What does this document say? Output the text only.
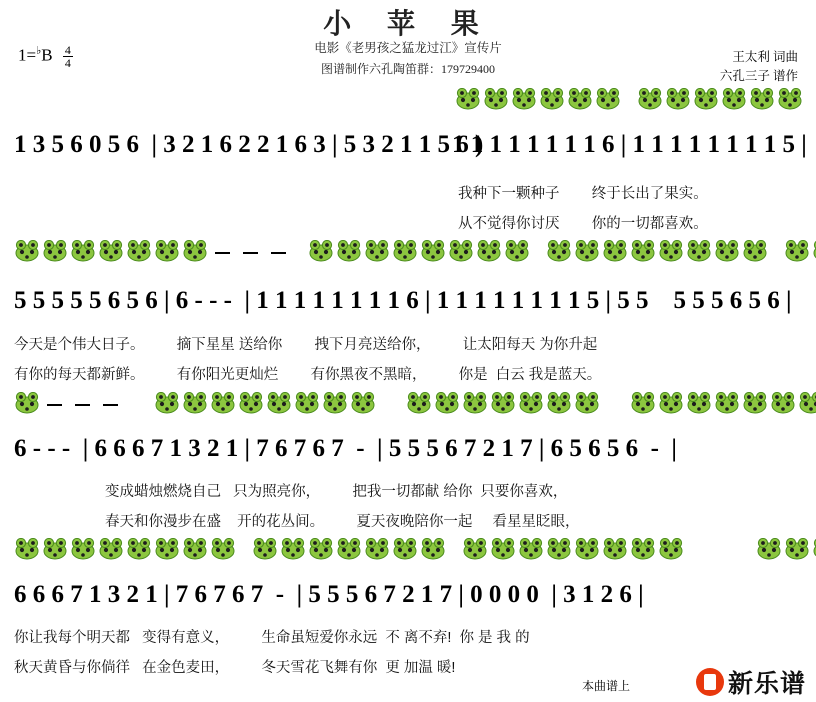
小 苹 果
电影《老男孩之猛龙过江》宣传片
图谱制作六孔陶笛群：179729400
$1=^♭B \frac{4}{4}$	王太利 词曲
六孔三子 谱作
1 3 5 6 0 5 6  | 3 2 1 6 2 2 1 6 3 | 5 3 2 1 1 5 6 )
1 1 1 1 1 1 1 1 6 | 1 1 1 1 1 1 1 1 5 |
我种下一颗种子        终于长出了果实。
从不觉得你讨厌        你的一切都喜欢。
5 5 5 5 5 6 5 6 | 6 - - -  | 1 1 1 1 1 1 1 1 6 | 1 1 1 1 1 1 1 1 5 | 5 5    5 5 5 6 5 6 |
今天是个伟大日子。        摘下星星 送给你        拽下月亮送给你，        让太阳每天 为你升起
有你的每天都新鲜。        有你阳光更灿烂        有你黑夜不黑暗，        你是  白云 我是蓝天。
6 - - -  | 6 6 6 7 1 3 2 1 | 7 6 7 6 7  -  | 5 5 5 6 7 2 1 7 | 6 5 6 5 6  -  |
变成蜡烛燃烧自己   只为照亮你，        把我一切都献 给你  只要你喜欢，
春天和你漫步在盛    开的花丛间。        夏天夜晚陪你一起     看星星眨眼，
6 6 6 7 1 3 2 1 | 7 6 7 6 7  -  | 5 5 5 6 7 2 1 7 | 0 0 0 0  | 3 1 2 6 |
你让我每个明天都   变得有意义，        生命虽短爱你永远  不 离不弃!  你 是 我 的
秋天黄昏与你倘徉   在金色麦田，        冬天雪花飞舞有你  更 加温 暖!
本曲谱上	新乐谱
